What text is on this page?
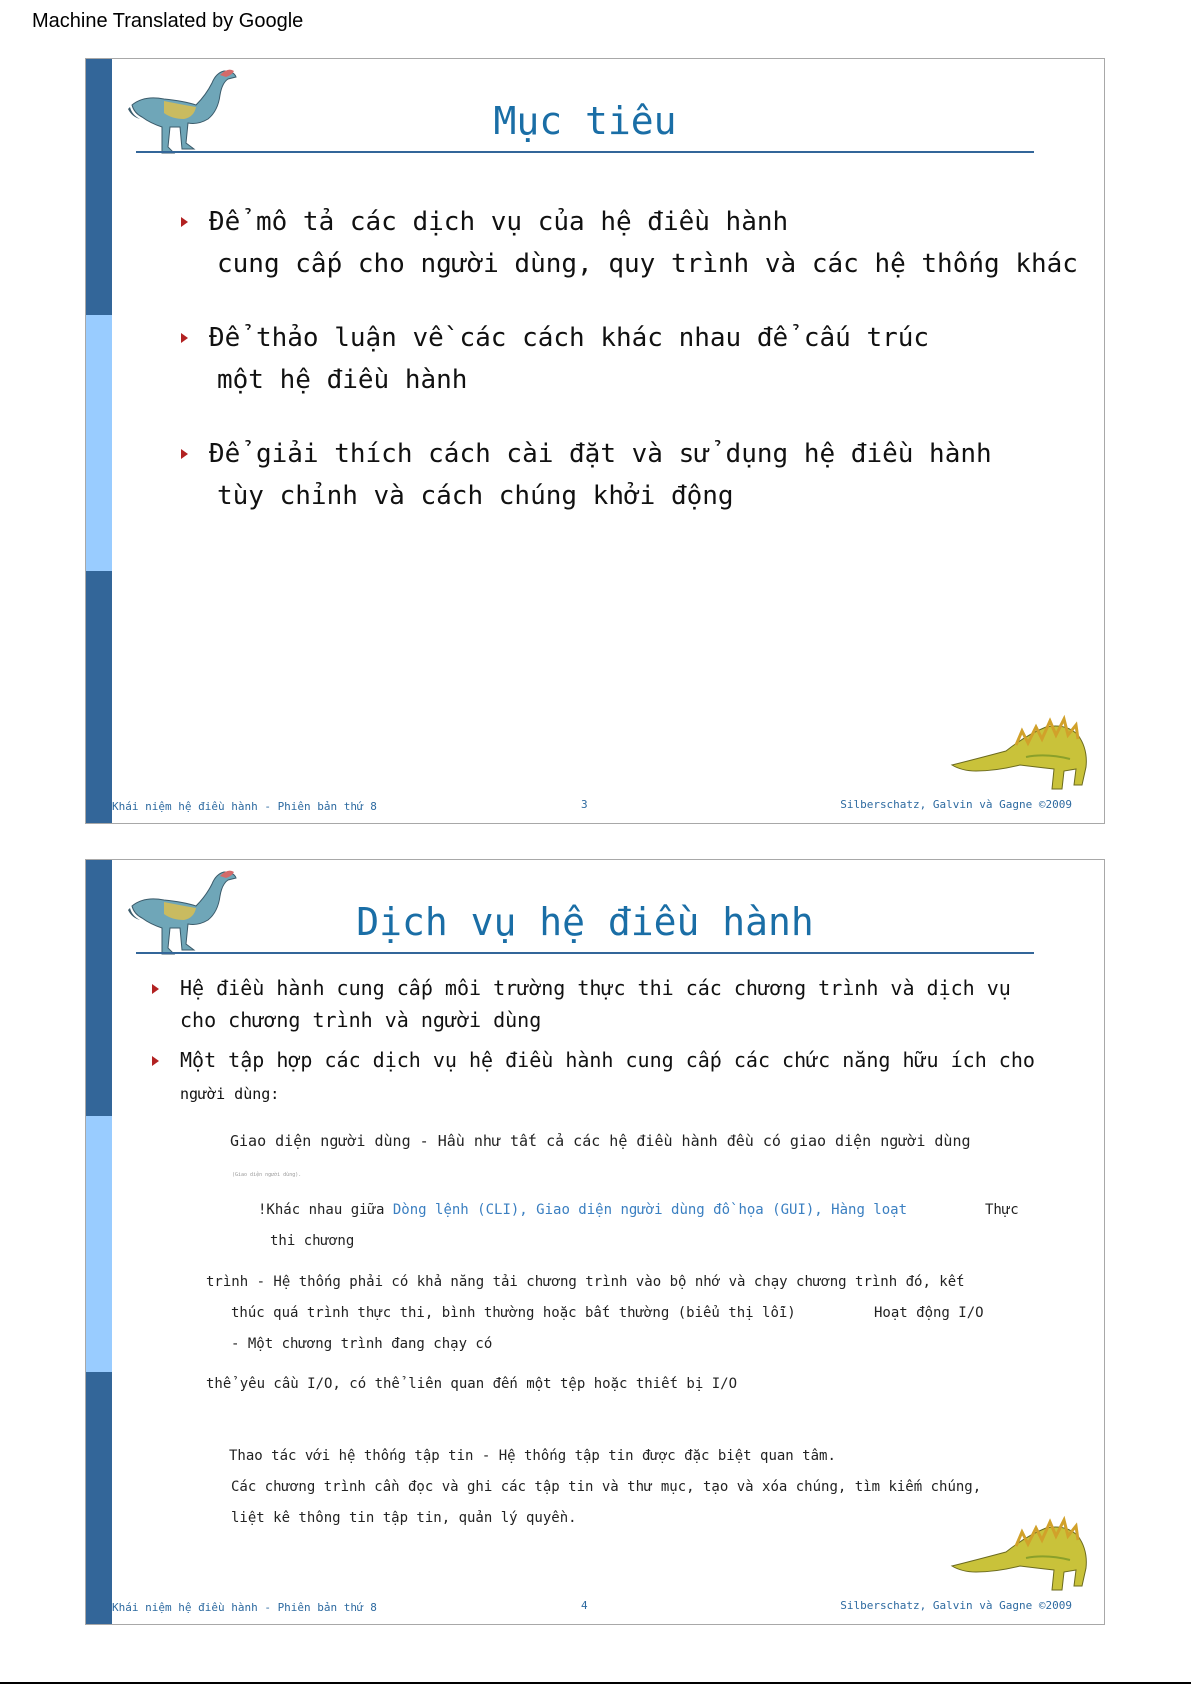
Machine Translated by Google
Mục tiêu
Để mô tả các dịch vụ của hệ điều hành
cung cấp cho người dùng, quy trình và các hệ thống khác
Để thảo luận về các cách khác nhau để cấu trúc
một hệ điều hành
Để giải thích cách cài đặt và sử dụng hệ điều hành
tùy chỉnh và cách chúng khởi động
Khái niệm hệ điều hành - Phiên bản thứ 8	3	Silberschatz, Galvin và Gagne ©2009
Dịch vụ hệ điều hành
Hệ điều hành cung cấp môi trường thực thi các chương trình và dịch vụ
cho chương trình và người dùng
Một tập hợp các dịch vụ hệ điều hành cung cấp các chức năng hữu ích cho
người dùng:
Giao diện người dùng - Hầu như tất cả các hệ điều hành đều có giao diện người dùng
(Giao diện người dùng).
!Khác nhau giữa Dòng lệnh (CLI), Giao diện người dùng đồ họa (GUI), Hàng loạt	Thực
thi chương
trình - Hệ thống phải có khả năng tải chương trình vào bộ nhớ và chạy chương trình đó, kết
thúc quá trình thực thi, bình thường hoặc bất thường (biểu thị lỗi)	Hoạt động I/O
- Một chương trình đang chạy có
thể yêu cầu I/O, có thể liên quan đến một tệp hoặc thiết bị I/O
Thao tác với hệ thống tập tin - Hệ thống tập tin được đặc biệt quan tâm.
Các chương trình cần đọc và ghi các tập tin và thư mục, tạo và xóa chúng, tìm kiếm chúng,
liệt kê thông tin tập tin, quản lý quyền.
Khái niệm hệ điều hành - Phiên bản thứ 8	4	Silberschatz, Galvin và Gagne ©2009
